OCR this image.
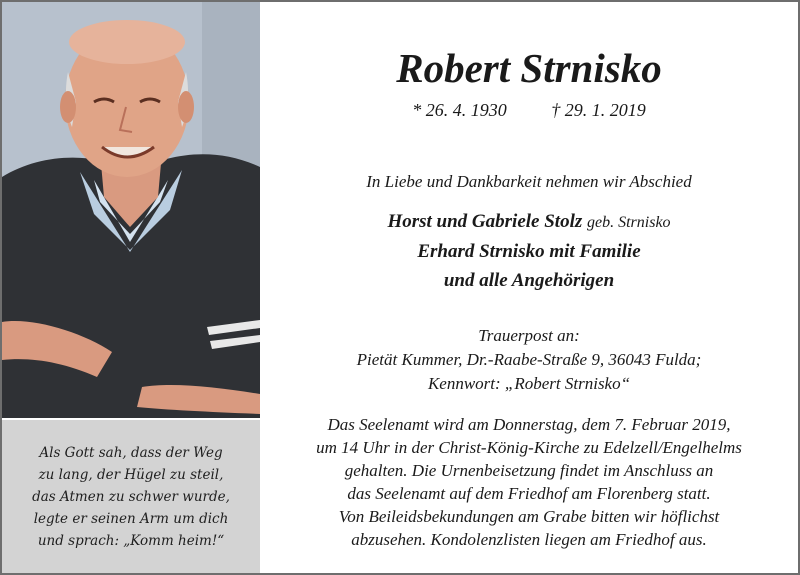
Als Gott sah, dass der Weg
zu lang, der Hügel zu steil,
das Atmen zu schwer wurde,
legte er seinen Arm um dich
und sprach: „Komm heim!“
Robert Strnisko
* 26. 4. 1930 † 29. 1. 2019
In Liebe und Dankbarkeit nehmen wir Abschied
Horst und Gabriele Stolz geb. Strnisko
Erhard Strnisko mit Familie
und alle Angehörigen
Trauerpost an:
Pietät Kummer, Dr.-Raabe-Straße 9, 36043 Fulda;
Kennwort: „Robert Strnisko“
Das Seelenamt wird am Donnerstag, dem 7. Februar 2019,
um 14 Uhr in der Christ-König-Kirche zu Edelzell/Engelhelms
gehalten. Die Urnenbeisetzung findet im Anschluss an
das Seelenamt auf dem Friedhof am Florenberg statt.
Von Beileidsbekundungen am Grabe bitten wir höflichst
abzusehen. Kondolenzlisten liegen am Friedhof aus.
